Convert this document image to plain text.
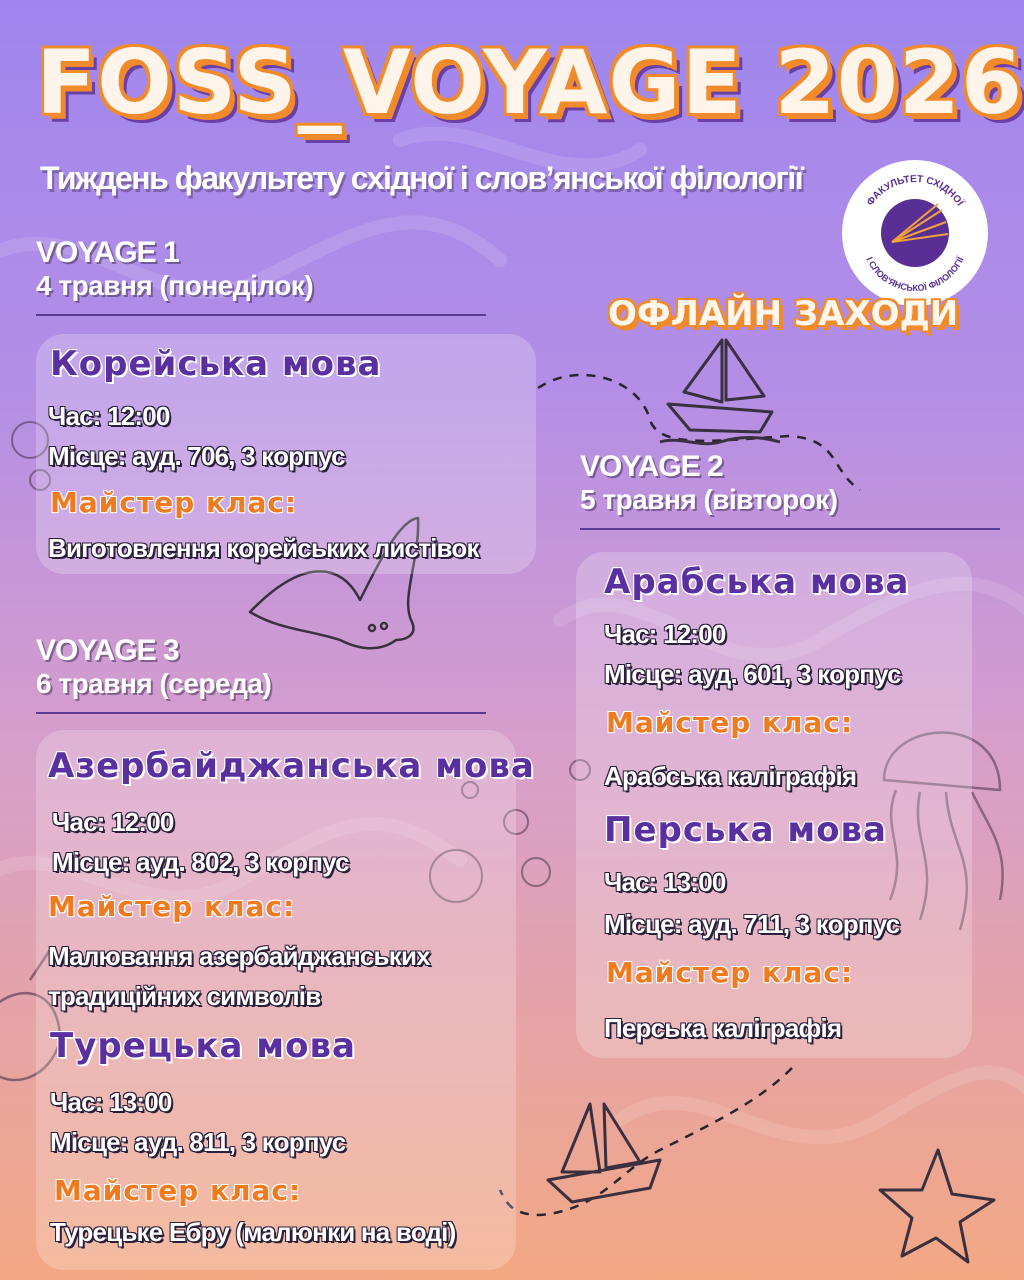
FOSS_VOYAGE 2026
Тиждень факультету східної і слов’янської філології
ФАКУЛЬТЕТ СХІДНОЇ
І СЛОВ'ЯНСЬКОЇ ФІЛОЛОГІЇ
ОФЛАЙН ЗАХОДИ
VOYAGE 1
4 травня (понеділок)
Корейська мова
Час: 12:00
Місце: ауд. 706, 3 корпус
Майстер клас:
Виготовлення корейських листівок
VOYAGE 2
5 травня (вівторок)
Арабська мова
Час: 12:00
Місце: ауд. 601, 3 корпус
Майстер клас:
Арабська каліграфія
Перська мова
Час: 13:00
Місце: ауд. 711, 3 корпус
Майстер клас:
Перська каліграфія
VOYAGE 3
6 травня (середа)
Азербайджанська мова
Час: 12:00
Місце: ауд. 802, 3 корпус
Майстер клас:
Малювання азербайджанських
традиційних символів
Турецька мова
Час: 13:00
Місце: ауд. 811, 3 корпус
Майстер клас:
Турецьке Ебру (малюнки на воді)
